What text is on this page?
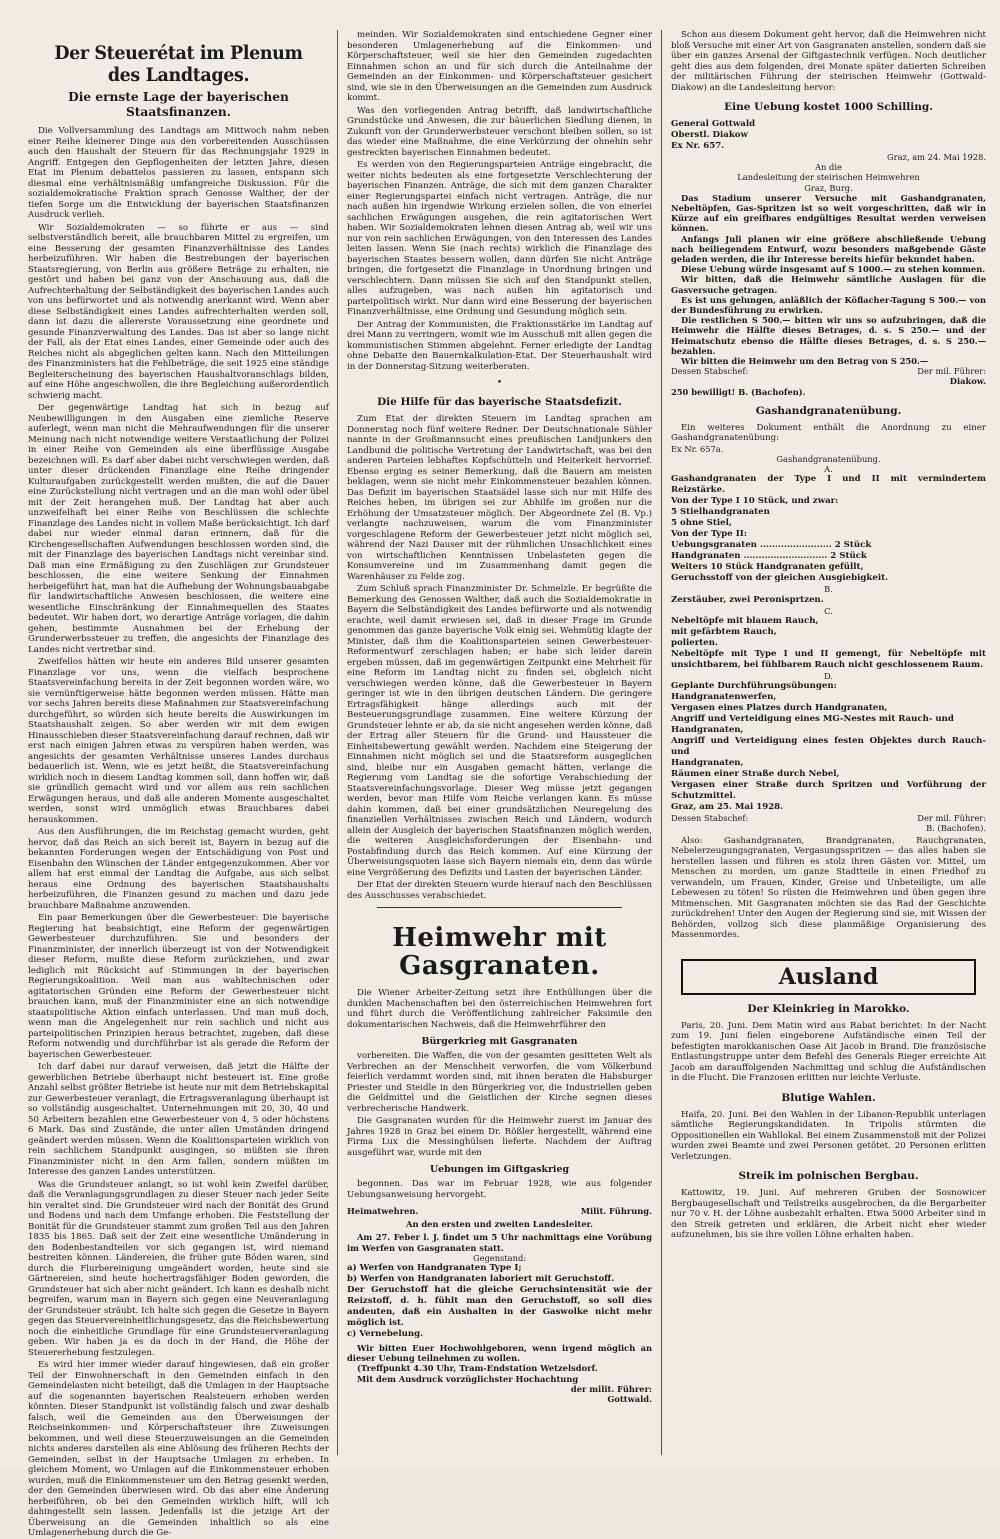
Der Steuerétat im Plenum des Landtages.
Die ernste Lage der bayerischen Staatsfinanzen.

Die Vollversammlung des Landtags am Mittwoch nahm neben einer Reihe kleinerer Dinge aus den vorbereitenden Ausschüssen auch den Haushalt der Steuern für das Rechnungsjahr 1929 in Angriff. Entgegen den Gepflogenheiten der letzten Jahre, diesen Etat im Plenum debattelos passieren zu lassen, entspann sich diesmal eine verhältnismäßig umfangreiche Diskussion. Für die sozialdemokratische Fraktion sprach Genosse Walther, der der tiefen Sorge um die Entwicklung der bayerischen Staatsfinanzen Ausdruck verlieh.

Wir Sozialdemokraten — so führte er aus — sind selbstverständlich bereit, alle brauchbaren Mittel zu ergreifen, um eine Besserung der gesamten Finanzverhältnisse des Landes herbeizuführen. Wir haben die Bestrebungen der bayerischen Staatsregierung, von Berlin aus größere Beträge zu erhalten, nie gestört und haben bei ganz von der Anschauung aus, daß die Aufrechterhaltung der Selbständigkeit des bayerischen Landes auch von uns befürwortet und als notwendig anerkannt wird. Wenn aber diese Selbständigkeit eines Landes aufrechterhalten werden soll, dann ist dazu die allererste Voraussetzung eine geordnete und gesunde Finanzverwaltung des Landes. Das ist aber so lange nicht der Fall, als der Etat eines Landes, einer Gemeinde oder auch des Reiches nicht als abgeglichen gelten kann. Nach den Mitteilungen des Finanzministers hat die Fehlbeträge, die seit 1925 eine ständige Begleiterscheinung des bayerischen Haushaltvoranschlags bilden, auf eine Höhe angeschwollen, die ihre Begleichung außerordentlich schwierig macht.

Der gegenwärtige Landtag hat sich in bezug auf Neubewilligungen in den Ausgaben eine ziemliche Reserve auferlegt, wenn man nicht die Mehraufwendungen für die unserer Meinung nach nicht notwendige weitere Verstaatlichung der Polizei in einer Reihe von Gemeinden als eine überflüssige Ausgabe bezeichnen will. Es darf aber dabei nicht verschwiegen werden, daß unter dieser drückenden Finanzlage eine Reihe dringender Kulturaufgaben zurückgestellt werden mußten, die auf die Dauer eine Zurückstellung nicht vertragen und an die man wohl oder übel mit der Zeit herangehen muß. Der Landtag hat aber auch unzweifelhaft bei einer Reihe von Beschlüssen die schlechte Finanzlage des Landes nicht in vollem Maße berücksichtigt. Ich darf dabei nur wieder einmal daran erinnern, daß für die Kirchengesellschaften Aufwendungen beschlossen worden sind, die mit der Finanzlage des bayerischen Landtags nicht vereinbar sind. Daß man eine Ermäßigung zu den Zuschlägen zur Grundsteuer beschlossen, die eine weitere Senkung der Einnahmen herbeigeführt hat, man hat die Aufhebung der Wohnungsbauabgabe für landwirtschaftliche Anwesen beschlossen, die weitere eine wesentliche Einschränkung der Einnahmequellen des Staates bedeutet. Wir haben dort, wo derartige Anträge vorlagen, die dahin gehen, bestimmte Ausnahmen bei der Erhebung der Grunderwerbssteuer zu treffen, die angesichts der Finanzlage des Landes nicht vertretbar sind.

Zweifellos hätten wir heute ein anderes Bild unserer gesamten Finanzlage vor uns, wenn die vielfach besprochene Staatsvereinfachung bereits in der Zeit begonnen worden wäre, wo sie vernünftigerweise hätte begonnen werden müssen. Hätte man vor sechs Jahren bereits diese Maßnahmen zur Staatsvereinfachung durchgeführt, so würden sich heute bereits die Auswirkungen im Staatshaushalt zeigen. So aber werden wir mit dem ewigen Hinausschieben dieser Staatsvereinfachung darauf rechnen, daß wir erst nach einigen Jahren etwas zu verspüren haben werden, was angesichts der gesamten Verhältnisse unseres Landes durchaus bedauerlich ist. Wenn, wie es jetzt heißt, die Staatsvereinfachung wirklich noch in diesem Landtag kommen soll, dann hoffen wir, daß sie gründlich gemacht wird und vor allem aus rein sachlichen Erwägungen heraus, und daß alle anderen Momente ausgeschaltet werden, sonst wird unmöglich etwas Brauchbares dabei herauskommen.

Aus den Ausführungen, die im Reichstag gemacht wurden, geht hervor, daß das Reich an sich bereit ist, Bayern in bezug auf die bekannten Forderungen wegen der Entschädigung von Post und Eisenbahn den Wünschen der Länder entgegenzukommen. Aber vor allem hat erst einmal der Landtag die Aufgabe, aus sich selbst heraus eine Ordnung des bayerischen Staatshaushalts herbeizuführen, die Finanzen gesund zu machen und dazu jede brauchbare Maßnahme anzuwenden.

Ein paar Bemerkungen über die Gewerbesteuer: Die bayerische Regierung hat beabsichtigt, eine Reform der gegenwärtigen Gewerbesteuer durchzuführen. Sie und besonders der Finanzminister, der innerlich überzeugt ist von der Notwendigkeit dieser Reform, mußte diese Reform zurückziehen, und zwar lediglich mit Rücksicht auf Stimmungen in der bayerischen Regierungskoalition. Weil man aus wahltechnischen oder agitatorischen Gründen eine Reform der Gewerbesteuer nicht brauchen kann, muß der Finanzminister eine an sich notwendige staatspolitische Aktion einfach unterlassen. Und man muß doch, wenn man die Angelegenheit nur rein sachlich und nicht aus parteipolitischen Prinzipien heraus betrachtet, zugeben, daß diese Reform notwendig und durchführbar ist als gerade die Reform der bayerischen Gewerbesteuer.

Ich darf dabei nur darauf verweisen, daß jetzt die Hälfte der gewerblichen Betriebe überhaupt nicht besteuert ist. Eine große Anzahl selbst größter Betriebe ist heute nur mit dem Betriebskapital zur Gewerbesteuer veranlagt, die Ertragsveranlagung überhaupt ist so vollständig ausgeschaltet. Unternehmungen mit 20, 30, 40 und 50 Arbeitern bezahlen eine Gewerbesteuer von 4, 5 oder höchstens 6 Mark. Das sind Zustände, die unter allen Umständen dringend geändert werden müssen. Wenn die Koalitionsparteien wirklich von rein sachlichem Standpunkt ausgingen, so müßten sie ihren Finanzminister nicht in den Arm fallen, sondern müßten im Interesse des ganzen Landes unterstützen.

Was die Grundsteuer anlangt, so ist wohl kein Zweifel darüber, daß die Veranlagungsgrundlagen zu dieser Steuer nach jeder Seite hin veraltet sind. Die Grundsteuer wird nach der Bonität des Grund und Bodens und nach dem Umfange erhoben. Die Feststellung der Bonität für die Grundsteuer stammt zum großen Teil aus den Jahren 1835 bis 1865. Daß seit der Zeit eine wesentliche Umänderung in den Bodenbestandteilen vor sich gegangen ist, wird niemand bestreiten können. Ländereien, die früher gute Böden waren, sind durch die Flurbereinigung umgeändert worden, heute sind sie Gärtnereien, sind heute hochertragsfähiger Boden geworden, die Grundsteuer hat sich aber nicht geändert. Ich kann es deshalb nicht begreifen, warum man in Bayern sich gegen eine Neuveranlagung der Grundsteuer sträubt. Ich halte sich gegen die Gesetze in Bayern gegen das Steuervereinheitlichungsgesetz, das die Reichsbewertung noch die einheitliche Grundlage für eine Grundsteuerveranlagung geben. Wir haben ja es da doch in der Hand, die Höhe der Steuererhebung festzulegen.

Es wird hier immer wieder darauf hingewiesen, daß ein großer Teil der Einwohnerschaft in den Gemeinden einfach in den Gemeindelasten nicht beteiligt, daß die Umlagen in der Hauptsache auf die sogenannten bayerischen Realsteuern erhoben werden könnten. Dieser Standpunkt ist vollständig falsch und zwar deshalb falsch, weil die Gemeinden aus den Überweisungen der Reichseinkommen- und Körperschaftsteuer ihre Zuweisungen bekommen, und weil diese Steuerzuweisungen an die Gemeinden nichts anderes darstellen als eine Ablösung des früheren Rechts der Gemeinden, selbst in der Hauptsache Umlagen zu erheben. In gleichem Moment, wo Umlagen auf die Einkommensteuer erhoben wurden, muß die Einkommensteuer um den Betrag gesenkt werden, der den Gemeinden überwiesen wird. Ob das aber eine Änderung herbeiführen, ob bei den Gemeinden wirklich hilft, will ich dahingestellt sein lassen. Jedenfalls ist die jetzige Art der Überweisung an die Gemeinden inhaltlich so als eine Umlagenerhebung durch die Ge-

meinden. Wir Sozialdemokraten sind entschiedene Gegner einer besonderen Umlagenerhebung auf die Einkommen- und Körperschaftsteuer, weil sie hier den Gemeinden zugedachten Einnahmen schon an und für sich durch die Anteilnahme der Gemeinden an der Einkommen- und Körperschaftsteuer gesichert sind, wie sie in den Überweisungen an die Gemeinden zum Ausdruck kommt.

Was den vorliegenden Antrag betrifft, daß landwirtschaftliche Grundstücke und Anwesen, die zur bäuerlichen Siedlung dienen, in Zukunft von der Grunderwerbsteuer verschont bleiben sollen, so ist das wieder eine Maßnahme, die eine Verkürzung der ohnehin sehr gestreckten bayerischen Einnahmen bedeutet.

Es werden von den Regierungsparteien Anträge eingebracht, die weiter nichts bedeuten als eine fortgesetzte Verschlechterung der bayerischen Finanzen. Anträge, die sich mit dem ganzen Charakter einer Regierungspartei einfach nicht vertragen. Anträge, die nur nach außen hin irgendwie Wirkung erzielen sollen, die von einerlei sachlichen Erwägungen ausgehen, die rein agitatorischen Wert haben. Wir Sozialdemokraten lehnen diesen Antrag ab, weil wir uns nur von rein sachlichen Erwägungen, von den Interessen des Landes leiten lassen. Wenn Sie (nach rechts) wirklich die Finanzlage des bayerischen Staates bessern wollen, dann dürfen Sie nicht Anträge bringen, die fortgesetzt die Finanzlage in Unordnung bringen und verschlechtern. Dann müssen Sie sich auf den Standpunkt stellen, alles aufzugeben, was nach außen hin agitatorisch und parteipolitisch wirkt. Nur dann wird eine Besserung der bayerischen Finanzverhältnisse, eine Ordnung und Gesundung möglich sein.

Der Antrag der Kommunisten, die Fraktionsstärke im Landtag auf drei Mann zu verringern, womit wie im Ausschuß mit allen gegen die kommunistischen Stimmen abgelehnt. Ferner erledigte der Landtag ohne Debatte den Bauernkalkulation-Etat. Der Steuerhaushalt wird in der Donnerstag-Sitzung weiterberaten.

•
Die Hilfe für das bayerische Staatsdefizit.

Zum Etat der direkten Steuern im Landtag sprachen am Donnerstag noch fünf weitere Redner. Der Deutschnationale Sühler nannte in der Großmannsucht eines preußischen Landjunkers den Landbund die politische Vertretung der Landwirtschaft, was bei den anderen Parteien lebhaftes Kopfschütteln und Heiterkeit hervorrief. Ebenso erging es seiner Bemerkung, daß die Bauern am meisten beklagen, wenn sie nicht mehr Einkommensteuer bezahlen können. Das Defizit im bayerischen Staatsädel lasse sich nur mit Hilfe des Reiches heben, im übrigen sei zur Abhilfe im großen nur die Erhöhung der Umsatzsteuer möglich. Der Abgeordnete Zel (B. Vp.) verlangte nachzuweisen, warum die vom Finanzminister vorgeschlagene Reform der Gewerbesteuer jetzt nicht möglich sei, während der Nazi Dauser mit der rühmlichen Unsachlichkeit eines von wirtschaftlichen Kenntnissen Unbelasteten gegen die Konsumvereine und im Zusammenhang damit gegen die Warenhäuser zu Felde zog.

Zum Schluß sprach Finanzminister Dr. Schmelzle. Er begrüßte die Bemerkung des Genossen Walther, daß auch die Sozialdemokratie in Bayern die Selbständigkeit des Landes befürworte und als notwendig erachte, weil damit erwiesen sei, daß in dieser Frage im Grunde genommen das ganze bayerische Volk einig sei. Wehmütig klagte der Minister, daß ihm die Koalitionsparteien seinen Gewerbesteuer-Reformentwurf zerschlagen haben; er habe sich leider darein ergeben müssen, daß im gegenwärtigen Zeitpunkt eine Mehrheit für eine Reform im Landtag nicht zu finden sei, obgleich nicht verschwiegen werden könne, daß die Gewerbesteuer in Bayern geringer ist wie in den übrigen deutschen Ländern. Die geringere Ertragsfähigkeit hänge allerdings auch mit der Besteuerungsgrundlage zusammen. Eine weitere Kürzung der Grundsteuer lehnte er ab, da sie nicht angesehen werden könne, daß der Ertrag aller Steuern für die Grund- und Haussteuer die Einheitsbewertung gewählt werden. Nachdem eine Steigerung der Einnahmen nicht möglich sei und die Staatsreform ausgeglichen sind, bleibe nur ein Ausgaben gemacht hätten, verlange die Regierung vom Landtag sie die sofortige Verabschiedung der Staatsvereinfachungsvorlage. Dieser Weg müsse jetzt gegangen werden, bevor man Hilfe vom Reiche verlangen kann. Es müsse dahin kommen, daß bei einer grundsätzlichen Neuregelung des finanziellen Verhältnisses zwischen Reich und Ländern, wodurch allein der Ausgleich der bayerischen Staatsfinanzen möglich werden, die weiteren Ausgleichsforderungen der Eisenbahn- und Postabfindung durch das Reich kommen. Auf eine Kürzung der Überweisungsquoten lasse sich Bayern niemals ein, denn das würde eine Vergrößerung des Defizits und Lasten der bayerischen Länder.

Der Etat der direkten Steuern wurde hierauf nach den Beschlüssen des Ausschusses verabschiedet.

Heimwehr mit Gasgranaten.

Die Wiener Arbeiter-Zeitung setzt ihre Enthüllungen über die dunklen Machenschaften bei den österreichischen Heimwehren fort und führt durch die Veröffentlichung zahlreicher Faksimile den dokumentarischen Nachweis, daß die Heimwehrführer den

Bürgerkrieg mit Gasgranaten

vorbereiten. Die Waffen, die von der gesamten gesitteten Welt als Verbrechen an der Menschheit verworfen, die vom Völkerbund feierlich verdammt worden sind, mit ihnen beraten die Habsburger Priester und Steidle in den Bürgerkrieg vor, die Industriellen geben die Geldmittel und die Geistlichen der Kirche segnen dieses verbrecherische Handwerk.

Die Gasgranaten wurden für die Heimwehr zuerst im Januar des Jahres 1928 in Graz bei einem Dr. Rößler hergestellt, während eine Firma Lux die Messinghülsen lieferte. Nachdem der Auftrag ausgeführt war, wurde mit den

Uebungen im Giftgaskrieg

begonnen. Das war im Februar 1928, wie aus folgender Uebungsanweisung hervorgeht.

Heimatwehren.	Milit. Führung.

An den ersten und zweiten Landesleiter.

Am 27. Feber l. J. findet um 5 Uhr nachmittags eine Vorübung im Werfen von Gasgranaten statt.

Gegenstand:

a) Werfen von Handgranaten Type I;

b) Werfen von Handgranaten laboriert mit Geruchstoff.

Der Geruchstoff hat die gleiche Geruchsintensität wie der Reizstoff, d. h. fühlt man den Geruchstoff, so soll dies andeuten, daß ein Aushalten in der Gaswolke nicht mehr möglich ist.

c) Vernebelung.

Wir bitten Euer Hochwohlgeboren, wenn irgend möglich an dieser Uebung teilnehmen zu wollen.

(Treffpunkt 4.30 Uhr, Tram-Endstation Wetzelsdorf.

Mit dem Ausdruck vorzüglichster Hochachtung

der milit. Führer:

Gottwald.

Schon aus diesem Dokument geht hervor, daß die Heimwehren nicht bloß Versuche mit einer Art von Gasgranaten anstellen, sondern daß sie über ein ganzes Arsenal der Giftgastechnik verfügen. Noch deutlicher geht dies aus dem folgenden, drei Monate später datierten Schreiben der militärischen Führung der steirischen Heimwehr (Gottwald-Diakow) an die Landesleitung hervor:

Eine Uebung kostet 1000 Schilling.

General Gottwald

Oberstl. Diakow

Ex Nr. 657.

Graz, am 24. Mai 1928.

An die

Landesleitung der steirischen Heimwehren

Graz, Burg.

Das Stadium unserer Versuche mit Gashandgranaten, Nebeltöpfen, Gas-Spritzen ist so weit vorgeschritten, daß wir in Kürze auf ein greifbares endgültiges Resultat werden verweisen können.

Anfangs Juli planen wir eine größere abschließende Uebung nach beiliegendem Entwurf, wozu besonders maßgebende Gäste geladen werden, die ihr Interesse bereits hiefür bekundet haben.

Diese Uebung würde insgesamt auf S 1000.— zu stehen kommen.

Wir bitten, daß die Heimwehr sämtliche Auslagen für die Gasversuche getragen.

Es ist uns gelungen, anläßlich der Köflacher-Tagung S 500.— von der Bundesführung zu erwirken.

Die restlichen S 500.— bitten wir uns so aufzubringen, daß die Heimwehr die Hälfte dieses Betrages, d. s. S 250.— und der Heimatschutz ebenso die Hälfte dieses Betrages, d. s. S 250.— bezahlen.

Wir bitten die Heimwehr um den Betrag von S 250.—

Dessen Stabschef:	Der mil. Führer:

Diakow.

250 bewilligt! B. (Bachofen).

Gashandgranatenübung.

Ein weiteres Dokument enthält die Anordnung zu einer Gashandgranatenübung:

Ex Nr. 657a.

Gashandgranatenübung.

A.

Gashandgranaten der Type I und II mit vermindertem Reizstärke.

Von der Type I 10 Stück, und zwar:

5 Stielhandgranaten

5 ohne Stiel,

Von der Type II:

Uebungsgranaten ........................ 2 Stück

Handgranaten ............................ 2 Stück

Weiters 10 Stück Handgranaten gefüllt,

Geruchsstoff von der gleichen Ausgiebigkeit.

B.

Zerstäuber, zwei Peronisprtzen.

C.

Nebeltöpfe mit blauem Rauch,

mit gefärbtem Rauch,

polierten.

Nebeltöpfe mit Type I und II gemengt, für Nebeltöpfe mit unsichtbarem, bei fühlbarem Rauch nicht geschlossenem Raum.

D.

Geplante Durchführungsübungen:

Handgranatenwerfen,

Vergasen eines Platzes durch Handgranaten,

Angriff und Verteidigung eines MG-Nestes mit Rauch- und

Handgranaten,

Angriff und Verteidigung eines festen Objektes durch Rauch- und

Handgranaten,

Räumen einer Straße durch Nebel,

Vergasen einer Straße durch Spritzen und Vorführung der Schutzmittel.

Graz, am 25. Mai 1928.

Dessen Stabschef:	Der mil. Führer:

B. (Bachofen).

Also: Gashandgranaten, Brandgranaten, Rauchgranaten, Nebelerzeugungsgranaten, Vergasungsspritzen — das alles haben sie herstellen lassen und führen es stolz ihren Gästen vor. Mittel, um Menschen zu morden, um ganze Stadtteile in einen Friedhof zu verwandeln, um Frauen, Kinder, Greise und Unbeteiligte, um alle Lebewesen zu töten! So rüsten die Heimwehren und üben gegen ihre Mitmenschen. Mit Gasgranaten möchten sie das Rad der Geschichte zurückdrehen! Unter den Augen der Regierung sind sie, mit Wissen der Behörden, vollzog sich diese planmäßige Organisierung des Massenmordes.

Ausland
Der Kleinkrieg in Marokko.

Paris, 20. Juni. Dem Matin wird aus Rabat berichtet: In der Nacht zum 19. Juni fielen eingeborene Aufständische einen Teil der befestigten marokkanischen Oase Ait Jacob in Brand. Die französische Entlastungstruppe unter dem Befehl des Generals Rieger erreichte Ait Jacob am darauffolgenden Nachmittag und schlug die Aufständischen in die Flucht. Die Franzosen erlitten nur leichte Verluste.

Blutige Wahlen.

Haifa, 20. Juni. Bei den Wahlen in der Libanon-Republik unterlagen sämtliche Regierungskandidaten. In Tripolis stürmten die Oppositionellen ein Wahllokal. Bei einem Zusammenstoß mit der Polizei wurden zwei Beamte und zwei Personen getötet. 20 Personen erlitten Verletzungen.

Streik im polnischen Bergbau.

Kattowitz, 19. Juni. Auf mehreren Gruben der Sosnowicer Bergbaugesellschaft und Teilstreiks ausgebrochen, da die Bergarbeiter nur 70 v. H. der Löhne ausbezahlt erhalten. Etwa 5000 Arbeiter sind in den Streik getreten und erklären, die Arbeit nicht eher wieder aufzunehmen, bis sie ihre vollen Löhne erhalten haben.
